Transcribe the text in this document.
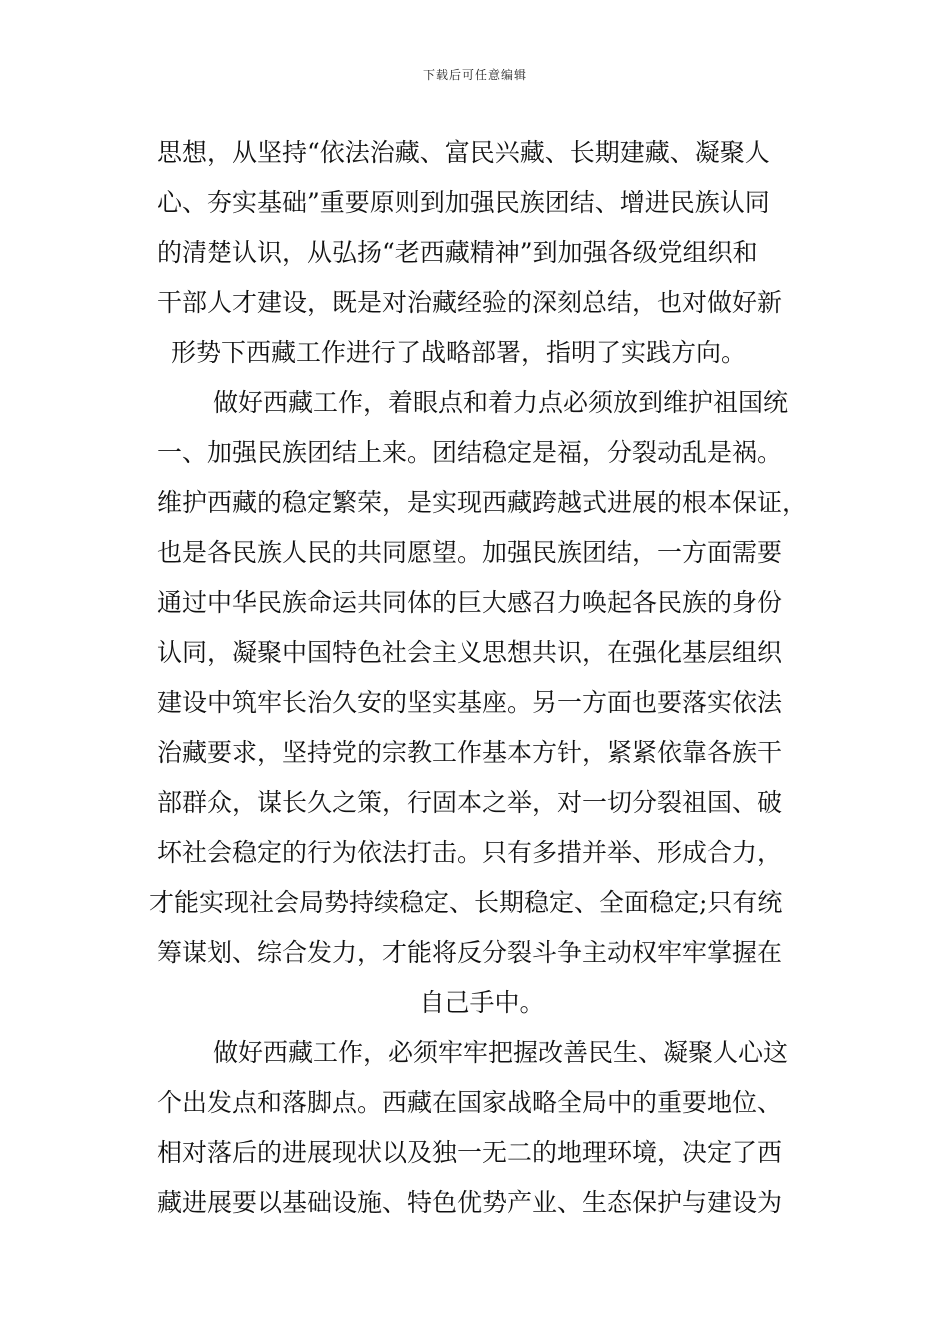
下载后可任意编辑
思想，从坚持“依法治藏、富民兴藏、长期建藏、凝聚人
心、夯实基础”重要原则到加强民族团结、增进民族认同
的清楚认识，从弘扬“老西藏精神”到加强各级党组织和
干部人才建设，既是对治藏经验的深刻总结，也对做好新
形势下西藏工作进行了战略部署，指明了实践方向。
做好西藏工作，着眼点和着力点必须放到维护祖国统
一、加强民族团结上来。团结稳定是福，分裂动乱是祸。
维护西藏的稳定繁荣，是实现西藏跨越式进展的根本保证，
也是各民族人民的共同愿望。加强民族团结，一方面需要
通过中华民族命运共同体的巨大感召力唤起各民族的身份
认同，凝聚中国特色社会主义思想共识，在强化基层组织
建设中筑牢长治久安的坚实基座。另一方面也要落实依法
治藏要求，坚持党的宗教工作基本方针，紧紧依靠各族干
部群众，谋长久之策，行固本之举，对一切分裂祖国、破
坏社会稳定的行为依法打击。只有多措并举、形成合力，
才能实现社会局势持续稳定、长期稳定、全面稳定;只有统
筹谋划、综合发力，才能将反分裂斗争主动权牢牢掌握在
自己手中。
做好西藏工作，必须牢牢把握改善民生、凝聚人心这
个出发点和落脚点。西藏在国家战略全局中的重要地位、
相对落后的进展现状以及独一无二的地理环境，决定了西
藏进展要以基础设施、特色优势产业、生态保护与建设为
